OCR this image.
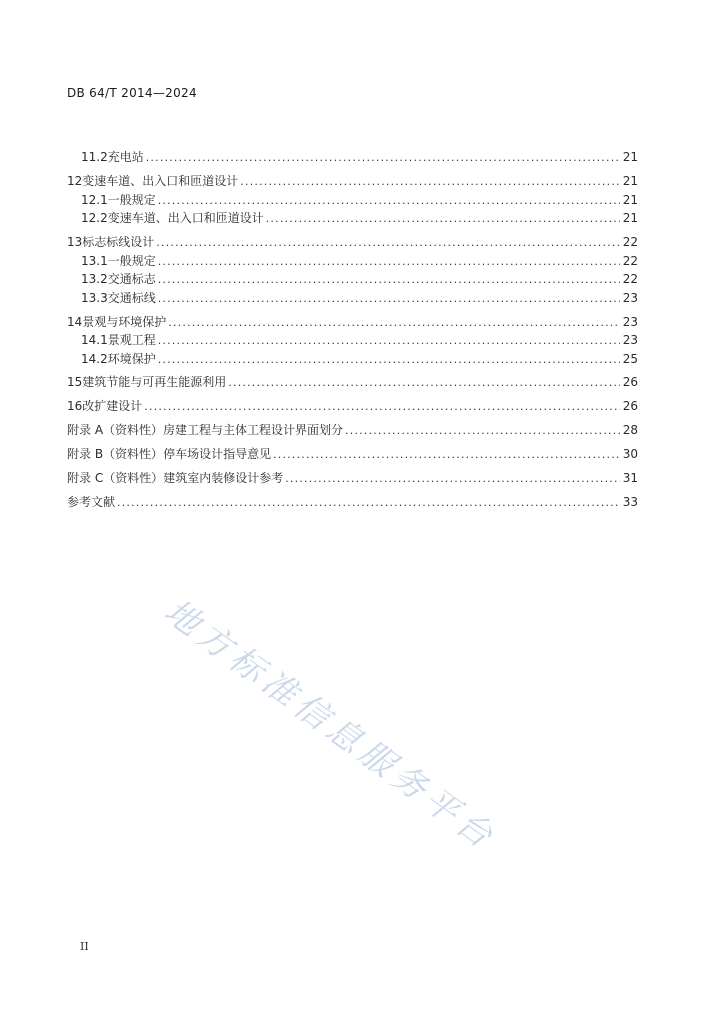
DB 64/T 2014—2024
11.2 充电站 .....	21
12 变速车道、出入口和匝道设计 .....	21
12.1 一般规定 .....	21
12.2 变速车道、出入口和匝道设计 .....	21
13 标志标线设计 .....	22
13.1 一般规定 .....	22
13.2 交通标志 .....	22
13.3 交通标线 .....	23
14 景观与环境保护 .....	23
14.1 景观工程 .....	23
14.2 环境保护 .....	25
15 建筑节能与可再生能源利用 .....	26
16 改扩建设计 .....	26
附录 A（资料性） 房建工程与主体工程设计界面划分 .....	28
附录 B（资料性） 停车场设计指导意见 .....	30
附录 C（资料性） 建筑室内装修设计参考 .....	31
参考文献 .....	33
地方标准信息服务平台
II
